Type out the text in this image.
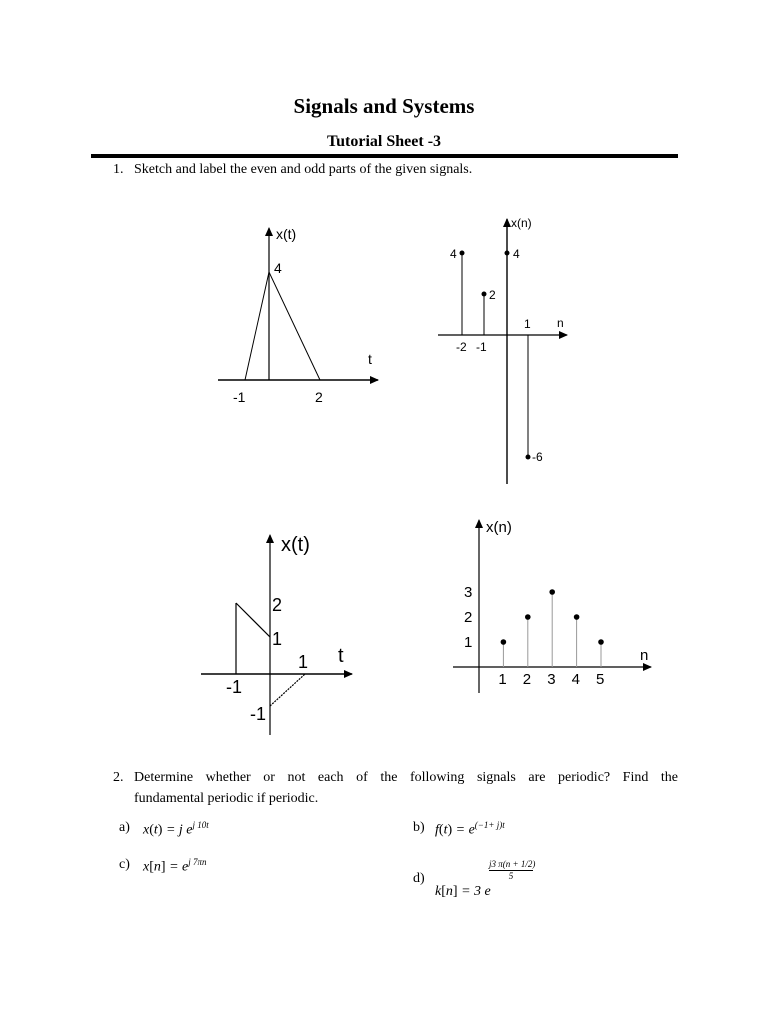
Signals and Systems
Tutorial Sheet -3
1. Sketch and label the even and odd parts of the given signals.
x(t)
4
t
-1	2
x(n)
4	4
2
-6
1 n
-2 -1
x(t)
2
1
1 t
-1
-1
x(n)
3
2
1
n
1 2 3 4 5
2. Determine whether or not each of the following signals are periodic? Find the
fundamental periodic if periodic.
a) x(t) = j $e^{j 10t}$	b) $f(t) = e^{(-1+ j)t}$
c) $x[n] = e^{j 7\pi n}$
d)
k[n] = 3 e
j3 π(n + 1/2)
5
